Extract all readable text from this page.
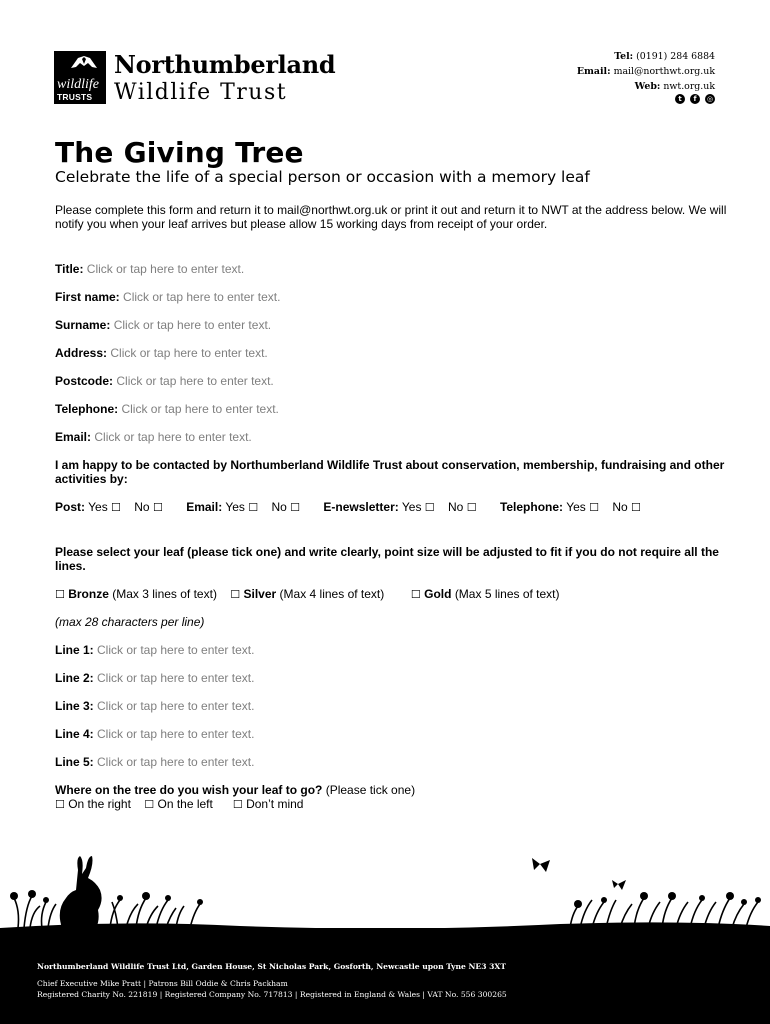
wildlife
TRUSTS
Northumberland
Wildlife Trust
Tel: (0191) 284 6884
Email: mail@northwt.org.uk
Web: nwt.org.uk
t	f	◎
The Giving Tree
Celebrate the life of a special person or occasion with a memory leaf
Please complete this form and return it to mail@northwt.org.uk or print it out and return it to NWT at the address below. We will notify you when your leaf arrives but please allow 15 working days from receipt of your order.
Title: Click or tap here to enter text.
First name: Click or tap here to enter text.
Surname: Click or tap here to enter text.
Address: Click or tap here to enter text.
Postcode: Click or tap here to enter text.
Telephone: Click or tap here to enter text.
Email: Click or tap here to enter text.
I am happy to be contacted by Northumberland Wildlife Trust about conservation, membership, fundraising and other activities by:
Post: Yes ☐ No ☐ Email: Yes ☐ No ☐ E-newsletter: Yes ☐ No ☐ Telephone: Yes ☐ No ☐
Please select your leaf (please tick one) and write clearly, point size will be adjusted to fit if you do not require all the lines.
☐ Bronze (Max 3 lines of text) ☐ Silver (Max 4 lines of text) ☐ Gold (Max 5 lines of text)
(max 28 characters per line)
Line 1: Click or tap here to enter text.
Line 2: Click or tap here to enter text.
Line 3: Click or tap here to enter text.
Line 4: Click or tap here to enter text.
Line 5: Click or tap here to enter text.
Where on the tree do you wish your leaf to go? (Please tick one)
☐ On the right ☐ On the left ☐ Don’t mind
Northumberland Wildlife Trust Ltd, Garden House, St Nicholas Park, Gosforth, Newcastle upon Tyne NE3 3XT
Chief Executive Mike Pratt | Patrons Bill Oddie & Chris Packham
Registered Charity No. 221819 | Registered Company No. 717813 | Registered in England & Wales | VAT No. 556 300265
